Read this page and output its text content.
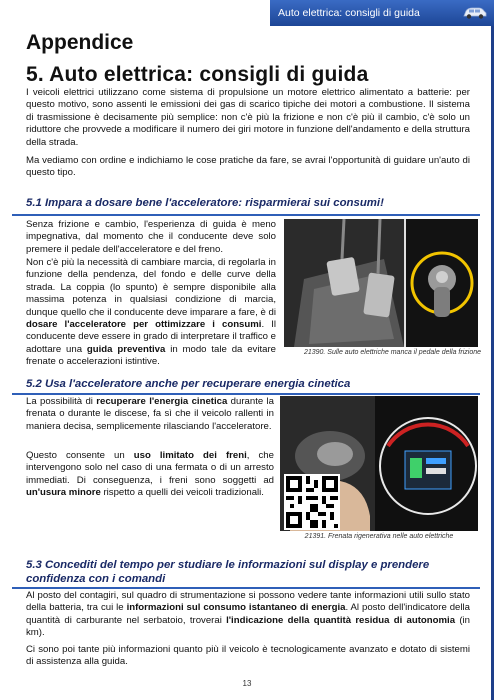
Auto elettrica: consigli di guida
Appendice
5. Auto elettrica: consigli di guida
I veicoli elettrici utilizzano come sistema di propulsione un motore elettrico alimentato a batterie: per questo motivo, sono assenti le emissioni dei gas di scarico tipiche dei motori a combustione. Il sistema di trasmissione è decisamente più semplice: non c'è più la frizione e non c'è più il cambio, c'è solo un riduttore che provvede a modificare il numero dei giri motore in funzione dell'andamento e della struttura della strada.
Ma vediamo con ordine e indichiamo le cose pratiche da fare, se avrai l'opportunità di guidare un'auto di questo tipo.
5.1 Impara a dosare bene l'acceleratore: risparmierai sui consumi!
Senza frizione e cambio, l'esperienza di guida è meno impegnativa, dal momento che il conducente deve solo premere il pedale dell'acceleratore e del freno.
Non c'è più la necessità di cambiare marcia, di regolarla in funzione della pendenza, del fondo e delle curve della strada. La coppia (lo spunto) è sempre disponibile alla massima potenza in qualsiasi condizione di marcia, dunque quello che il conducente deve imparare a fare, è di dosare l'acceleratore per ottimizzare i consumi. Il conducente deve essere in grado di interpretare il traffico e adottare una guida preventiva in modo tale da evitare frenate o accelerazioni istintive.
21390. Sulle auto elettriche manca il pedale della frizione
5.2 Usa l'acceleratore anche per recuperare energia cinetica
La possibilità di recuperare l'energia cinetica durante la frenata o durante le discese, fa sì che il veicolo rallenti in maniera decisa, semplicemente rilasciando l'acceleratore.
Questo consente un uso limitato dei freni, che intervengono solo nel caso di una fermata o di un arresto immediati. Di conseguenza, i freni sono soggetti ad un'usura minore rispetto a quelli dei veicoli tradizionali.
21391. Frenata rigenerativa nelle auto elettriche
5.3 Concediti del tempo per studiare le informazioni sul display e prendere confidenza con i comandi
Al posto del contagiri, sul quadro di strumentazione si possono vedere tante informazioni utili sullo stato della batteria, tra cui le informazioni sul consumo istantaneo di energia. Al posto dell'indicatore della quantità di carburante nel serbatoio, troverai l'indicazione della quantità residua di autonomia (in km).
Ci sono poi tante più informazioni quanto più il veicolo è tecnologicamente avanzato e dotato di sistemi di assistenza alla guida.
13
